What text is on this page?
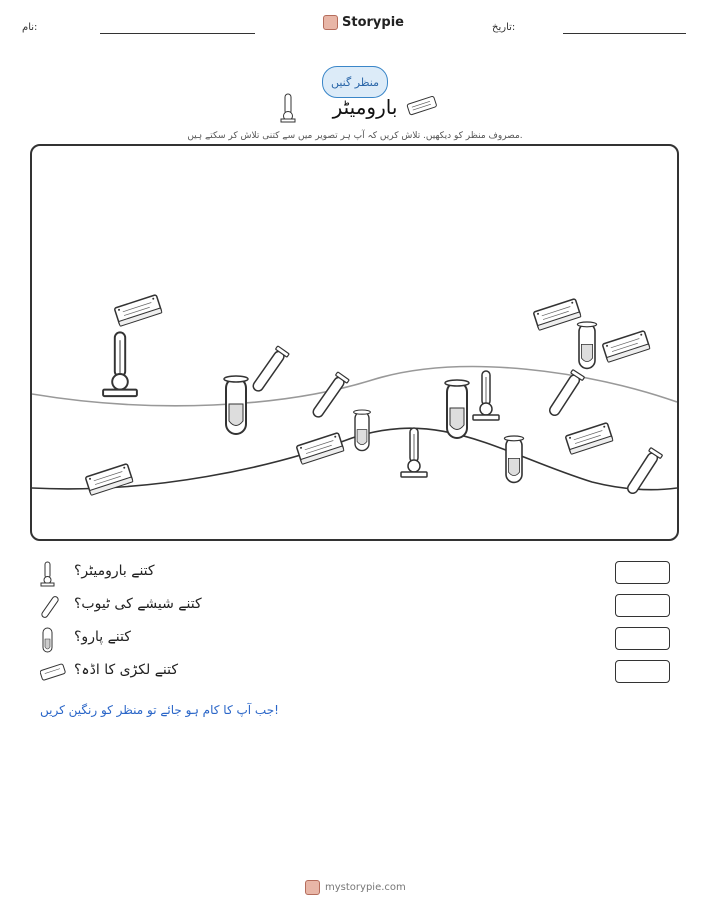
نام:	Storypie	تاریخ:
منظر گنیں
بارومیٹر
مصروف منظر کو دیکھیں. تلاش کریں کہ آپ ہر تصویر میں سے کتنی تلاش کر سکتے ہیں.
کتنے بارومیٹر؟
کتنے شیشے کی ٹیوب؟
کتنے پارو؟
کتنے لکڑی کا اڈہ؟
جب آپ کا کام ہو جائے تو منظر کو رنگین کریں!
mystorypie.com
